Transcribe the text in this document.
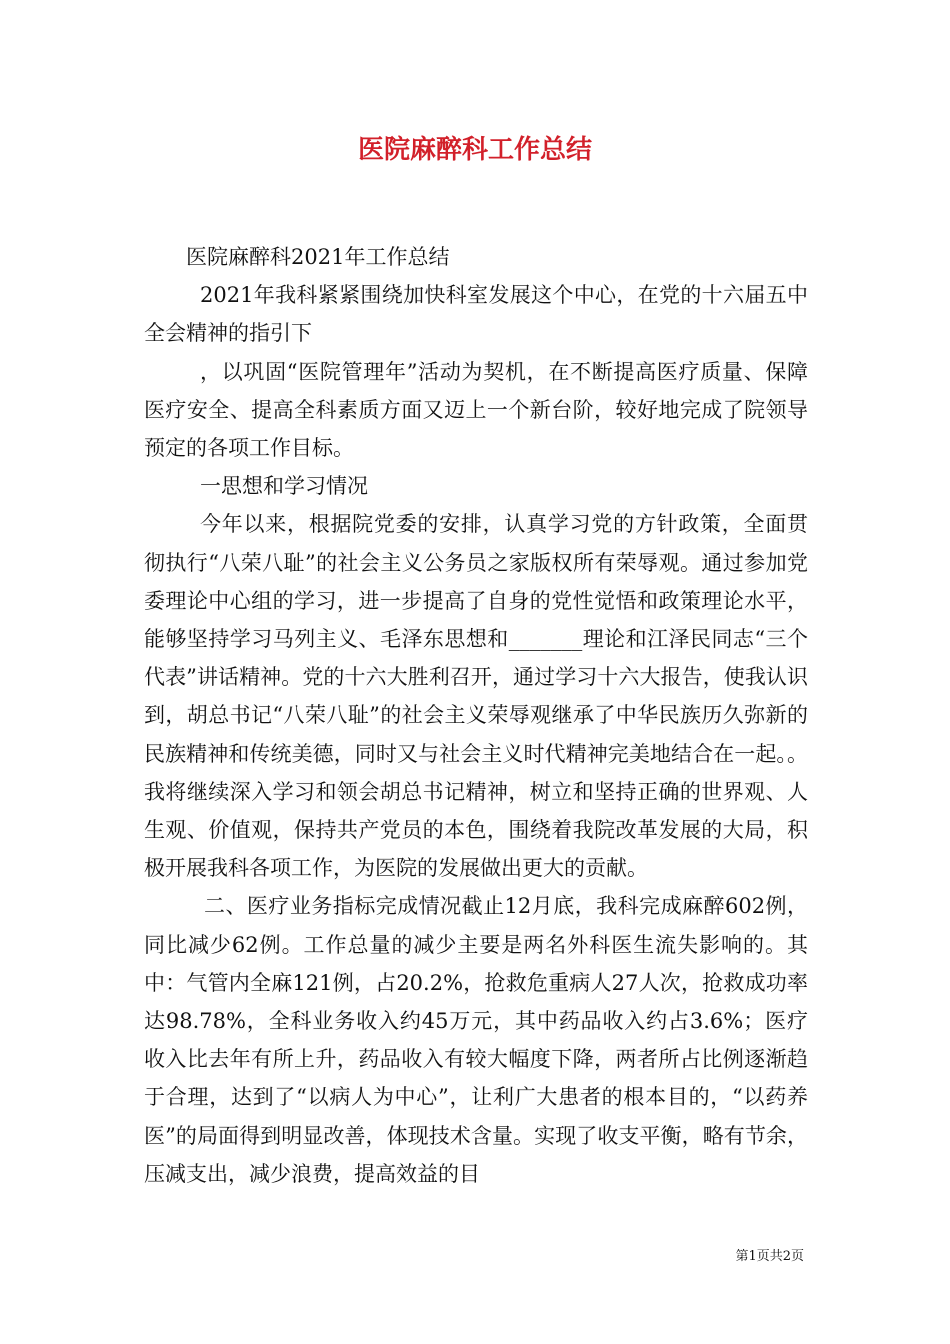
医院麻醉科工作总结

医院麻醉科2021年工作总结

2021年我科紧紧围绕加快科室发展这个中心，在党的十六届五中全会精神的指引下

，以巩固“医院管理年”活动为契机，在不断提高医疗质量、保障医疗安全、提高全科素质方面又迈上一个新台阶，较好地完成了院领导预定的各项工作目标。

一思想和学习情况

今年以来，根据院党委的安排，认真学习党的方针政策，全面贯彻执行“八荣八耻”的社会主义公务员之家版权所有荣辱观。通过参加党委理论中心组的学习，进一步提高了自身的党性觉悟和政策理论水平，能够坚持学习马列主义、毛泽东思想和_______理论和江泽民同志“三个代表”讲话精神。党的十六大胜利召开，通过学习十六大报告，使我认识到，胡总书记“八荣八耻”的社会主义荣辱观继承了中华民族历久弥新的民族精神和传统美德，同时又与社会主义时代精神完美地结合在一起。。我将继续深入学习和领会胡总书记精神，树立和坚持正确的世界观、人生观、价值观，保持共产党员的本色，围绕着我院改革发展的大局，积极开展我科各项工作，为医院的发展做出更大的贡献。

二、医疗业务指标完成情况截止12月底，我科完成麻醉602例，同比减少62例。工作总量的减少主要是两名外科医生流失影响的。其中：气管内全麻121例，占20.2%，抢救危重病人27人次，抢救成功率达98.78%，全科业务收入约45万元，其中药品收入约占3.6%；医疗收入比去年有所上升，药品收入有较大幅度下降，两者所占比例逐渐趋于合理，达到了“以病人为中心”，让利广大患者的根本目的，“以药养医”的局面得到明显改善，体现技术含量。实现了收支平衡，略有节余，压减支出，减少浪费，提高效益的目

第1页共2页
